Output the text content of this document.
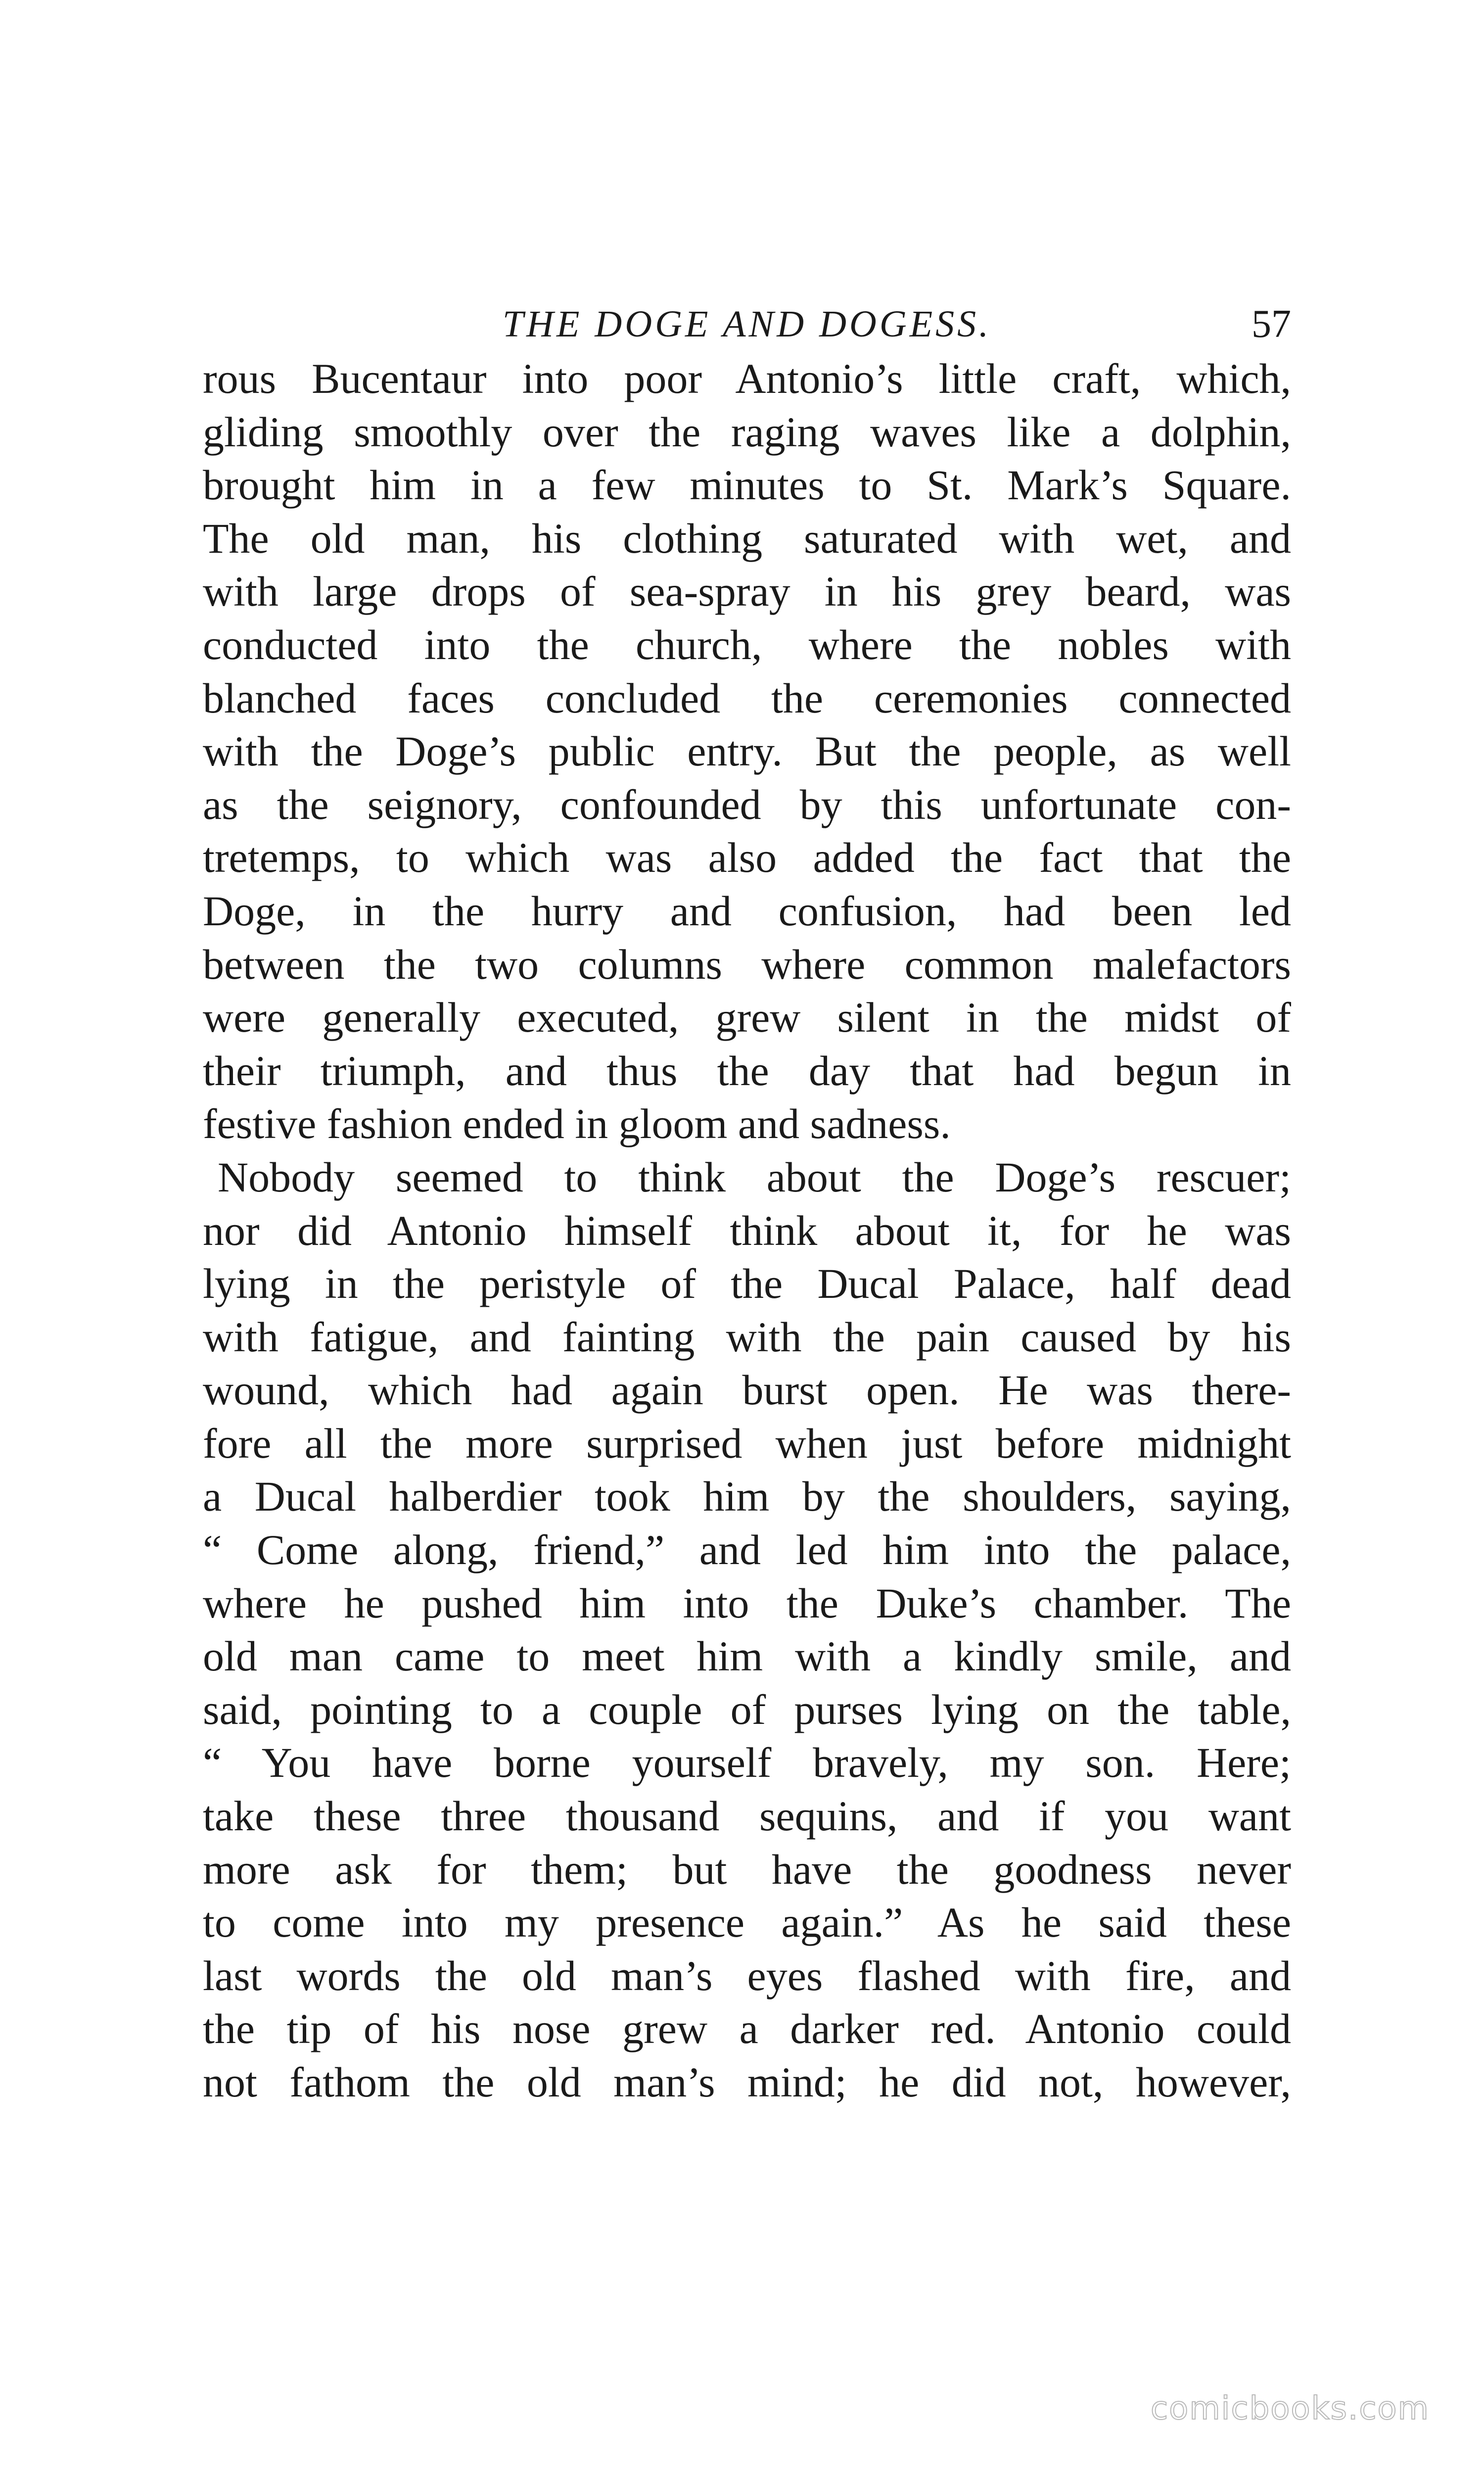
THE DOGE AND DOGESS.	57
rous Bucentaur into poor Antonio’s little craft, which,
gliding smoothly over the raging waves like a dolphin,
brought him in a few minutes to St. Mark’s Square.
The old man, his clothing saturated with wet, and
with large drops of sea-spray in his grey beard, was
conducted into the church, where the nobles with
blanched faces concluded the ceremonies connected
with the Doge’s public entry. But the people, as well
as the seignory, confounded by this unfortunate con-
tretemps, to which was also added the fact that the
Doge, in the hurry and confusion, had been led
between the two columns where common malefactors
were generally executed, grew silent in the midst of
their triumph, and thus the day that had begun in
festive fashion ended in gloom and sadness.
Nobody seemed to think about the Doge’s rescuer;
nor did Antonio himself think about it, for he was
lying in the peristyle of the Ducal Palace, half dead
with fatigue, and fainting with the pain caused by his
wound, which had again burst open. He was there-
fore all the more surprised when just before midnight
a Ducal halberdier took him by the shoulders, saying,
“ Come along, friend,” and led him into the palace,
where he pushed him into the Duke’s chamber. The
old man came to meet him with a kindly smile, and
said, pointing to a couple of purses lying on the table,
“ You have borne yourself bravely, my son. Here;
take these three thousand sequins, and if you want
more ask for them; but have the goodness never
to come into my presence again.” As he said these
last words the old man’s eyes flashed with fire, and
the tip of his nose grew a darker red. Antonio could
not fathom the old man’s mind; he did not, however,
comicbooks.com
